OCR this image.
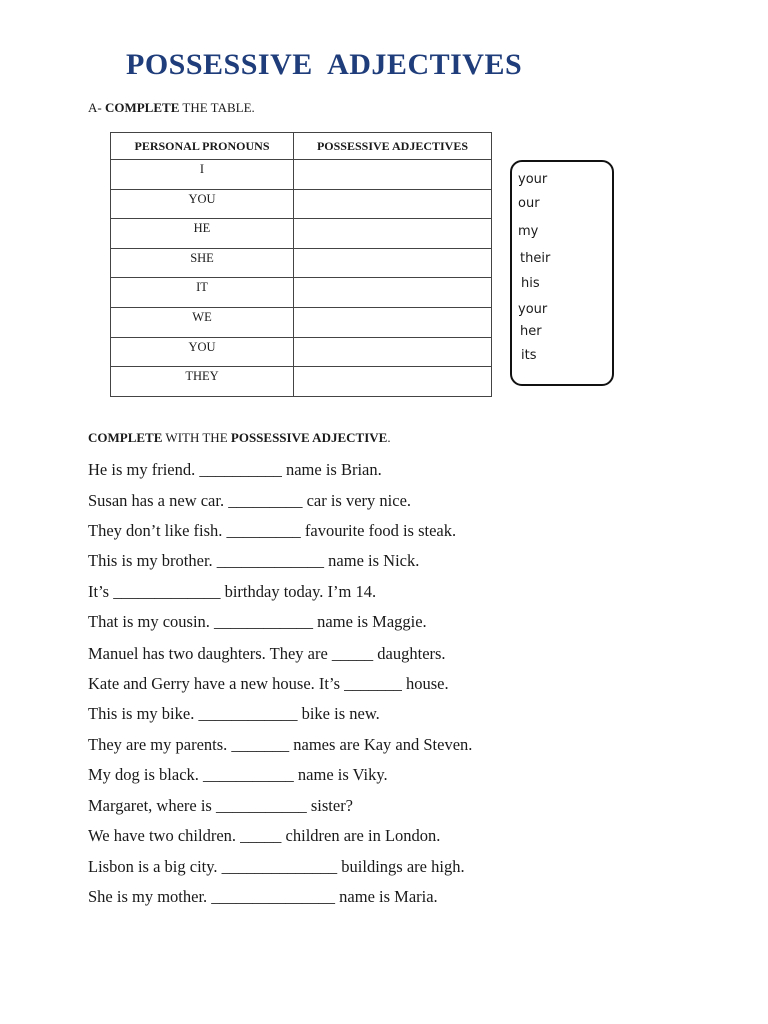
POSSESSIVE  ADJECTIVES
A- COMPLETE THE TABLE.
PERSONAL PRONOUNS	POSSESSIVE ADJECTIVES
I	
YOU	
HE	
SHE	
IT	
WE	
YOU	
THEY	
your
our
my
their
his
your
her
its
COMPLETE WITH THE POSSESSIVE ADJECTIVE.
He is my friend. __________ name is Brian.
Susan has a new car. _________ car is very nice.
They don’t like fish. _________ favourite food is steak.
This is my brother. _____________ name is Nick.
It’s _____________ birthday today. I’m 14.
That is my cousin. ____________ name is Maggie.
Manuel has two daughters. They are _____ daughters.
Kate and Gerry have a new house. It’s _______ house.
This is my bike. ____________ bike is new.
They are my parents. _______ names are Kay and Steven.
My dog is black. ___________ name is Viky.
Margaret, where is ___________ sister?
We have two children. _____ children are in London.
Lisbon is a big city. ______________ buildings are high.
She is my mother. _______________ name is Maria.
